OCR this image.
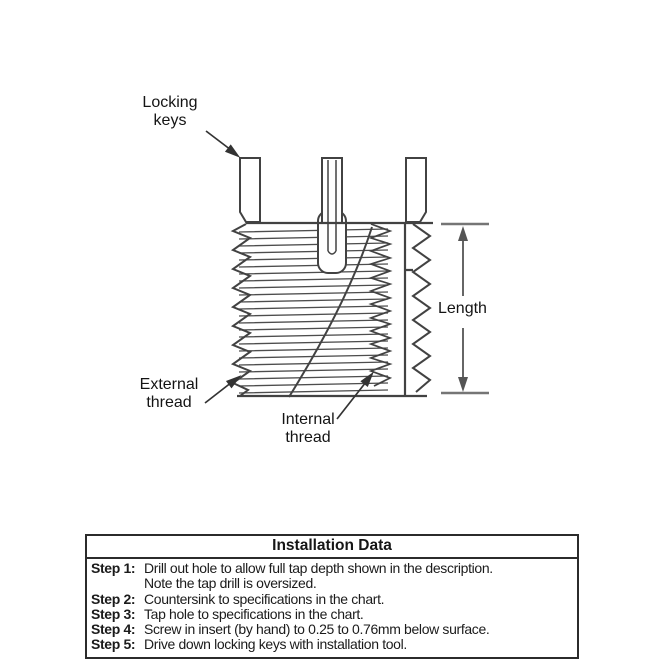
Locking keys
Length
External thread
Internal thread
Installation Data
Step 1: Drill out hole to allow full tap depth shown in the description.
Note the tap drill is oversized.
Step 2: Countersink to specifications in the chart.
Step 3: Tap hole to specifications in the chart.
Step 4: Screw in insert (by hand) to 0.25 to 0.76mm below surface.
Step 5: Drive down locking keys with installation tool.
